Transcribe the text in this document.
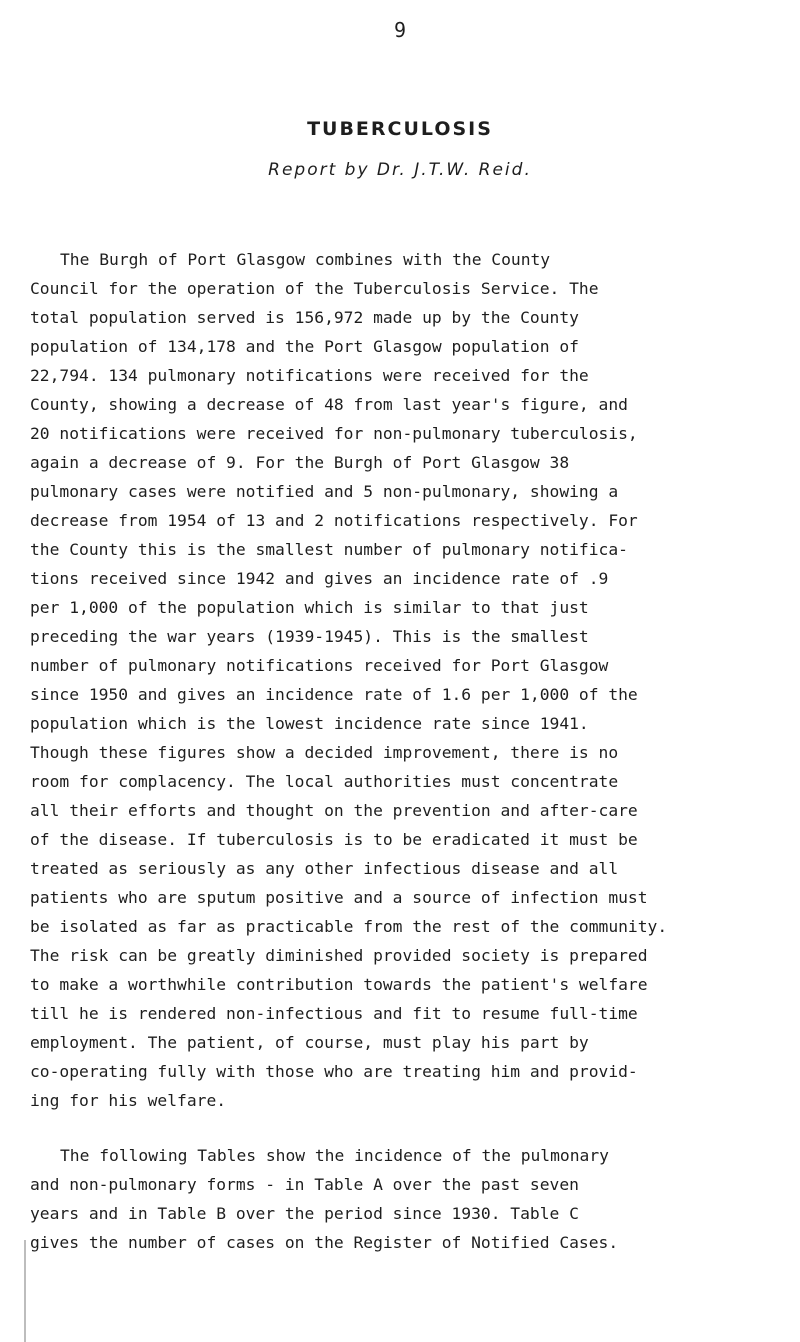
9
TUBERCULOSIS
Report by Dr. J.T.W. Reid.

The Burgh of Port Glasgow combines with the County

Council for the operation of the Tuberculosis Service. The

total population served is 156,972 made up by the County

population of 134,178 and the Port Glasgow population of

22,794. 134 pulmonary notifications were received for the

County, showing a decrease of 48 from last year's figure, and

20 notifications were received for non-pulmonary tuberculosis,

again a decrease of 9. For the Burgh of Port Glasgow 38

pulmonary cases were notified and 5 non-pulmonary, showing a

decrease from 1954 of 13 and 2 notifications respectively. For

the County this is the smallest number of pulmonary notifica-

tions received since 1942 and gives an incidence rate of .9

per 1,000 of the population which is similar to that just

preceding the war years (1939-1945). This is the smallest

number of pulmonary notifications received for Port Glasgow

since 1950 and gives an incidence rate of 1.6 per 1,000 of the

population which is the lowest incidence rate since 1941.

Though these figures show a decided improvement, there is no

room for complacency. The local authorities must concentrate

all their efforts and thought on the prevention and after-care

of the disease. If tuberculosis is to be eradicated it must be

treated as seriously as any other infectious disease and all

patients who are sputum positive and a source of infection must

be isolated as far as practicable from the rest of the community.

The risk can be greatly diminished provided society is prepared

to make a worthwhile contribution towards the patient's welfare

till he is rendered non-infectious and fit to resume full-time

employment. The patient, of course, must play his part by

co-operating fully with those who are treating him and provid-

ing for his welfare.

The following Tables show the incidence of the pulmonary

and non-pulmonary forms - in Table A over the past seven

years and in Table B over the period since 1930. Table C

gives the number of cases on the Register of Notified Cases.
